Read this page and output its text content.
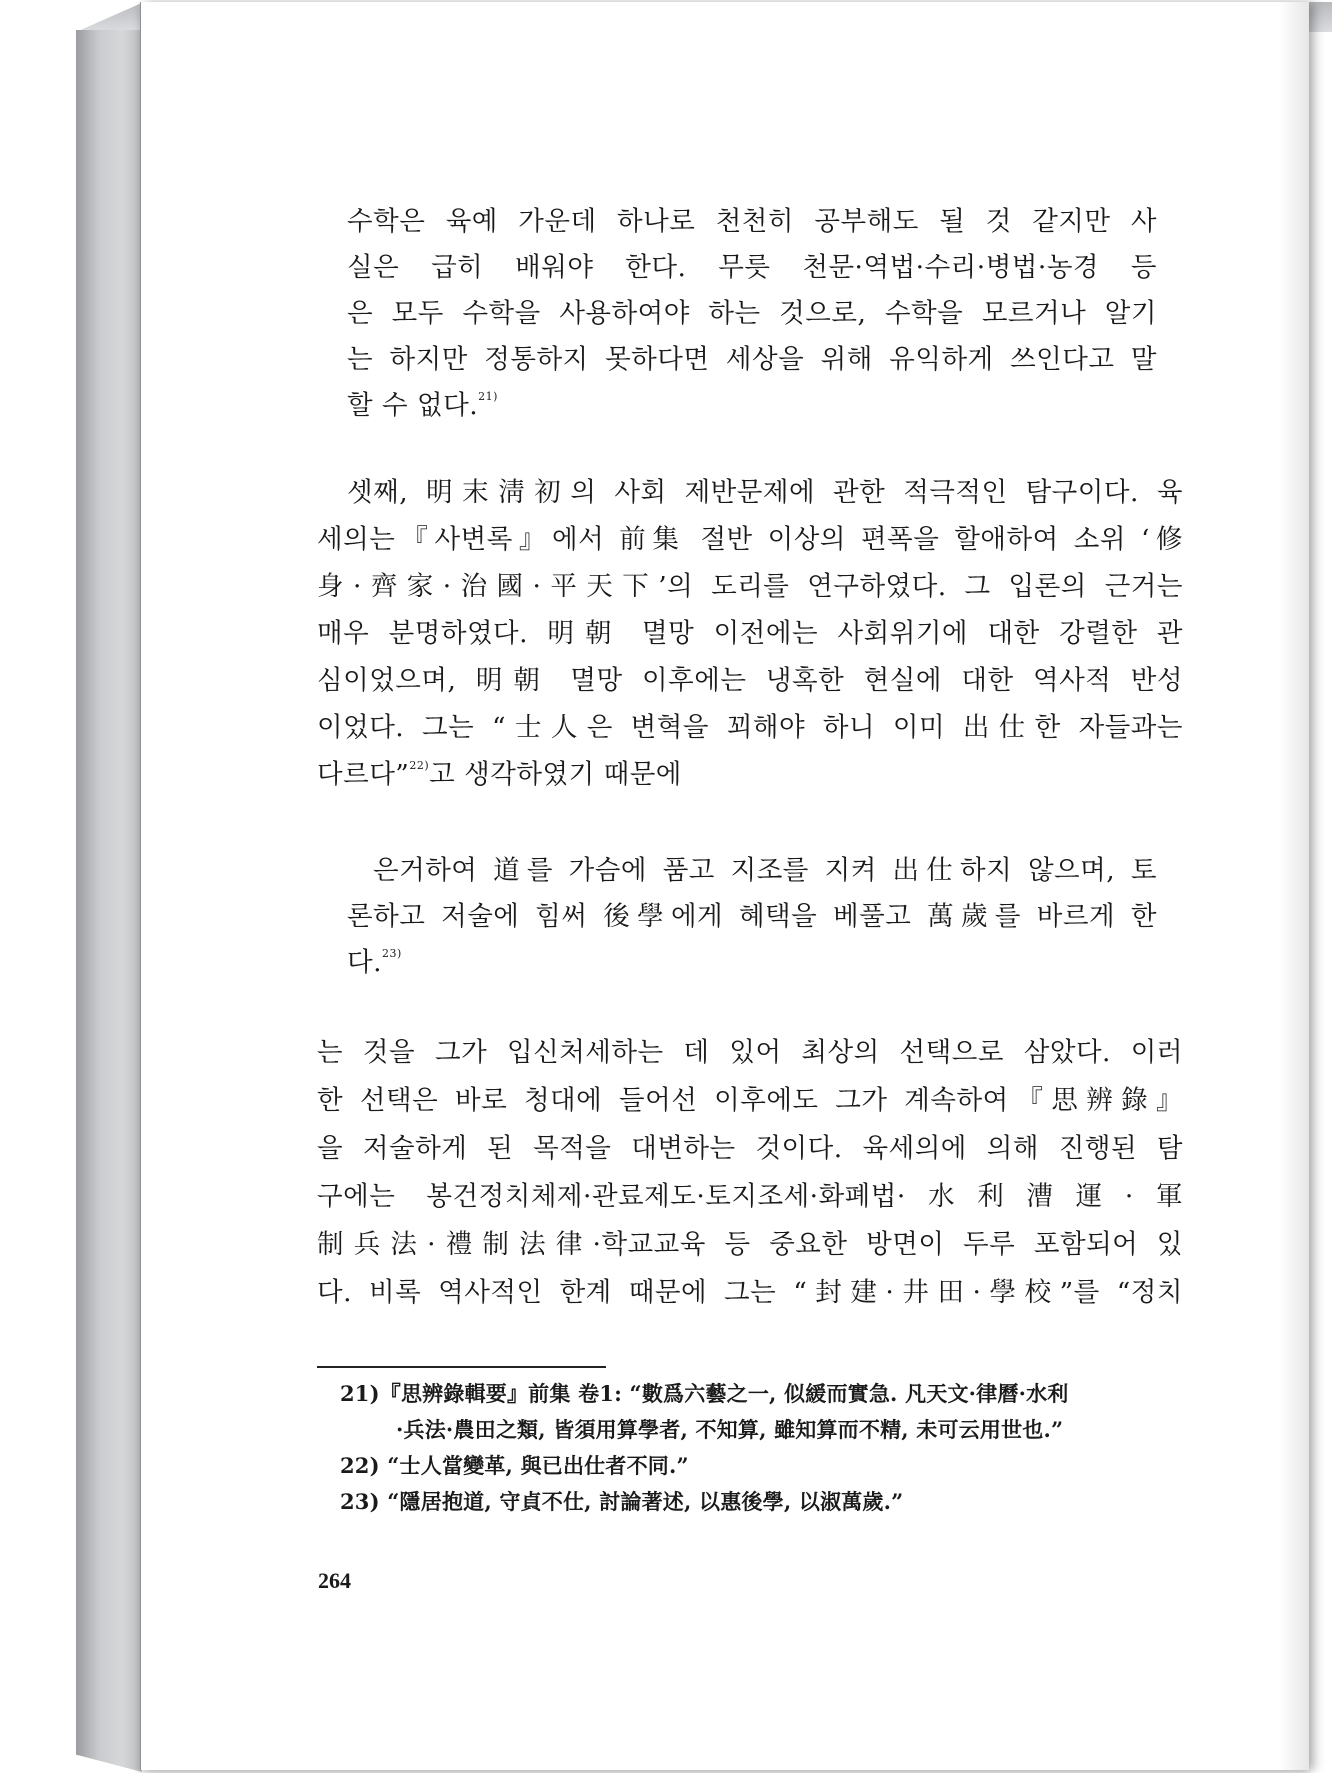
수학은 육예 가운데 하나로 천천히 공부해도 될 것 같지만 사
실은 급히 배워야 한다. 무릇 천문·역법·수리·병법·농경 등
은 모두 수학을 사용하여야 하는 것으로, 수학을 모르거나 알기
는 하지만 정통하지 못하다면 세상을 위해 유익하게 쓰인다고 말
할 수 없다.$^{21)}$
셋째, 明末淸初의 사회 제반문제에 관한 적극적인 탐구이다. 육
세의는『사변록』에서 前集 절반 이상의 편폭을 할애하여 소위 ‘修
身·齊家·治國·平天下’의 도리를 연구하였다. 그 입론의 근거는
매우 분명하였다. 明朝 멸망 이전에는 사회위기에 대한 강렬한 관
심이었으며, 明朝 멸망 이후에는 냉혹한 현실에 대한 역사적 반성
이었다. 그는 “士人은 변혁을 꾀해야 하니 이미 出仕한 자들과는
다르다”$^{22)}$고 생각하였기 때문에
은거하여 道를 가슴에 품고 지조를 지켜 出仕하지 않으며, 토
론하고 저술에 힘써 後學에게 혜택을 베풀고 萬歲를 바르게 한
다.$^{23)}$
는 것을 그가 입신처세하는 데 있어 최상의 선택으로 삼았다. 이러
한 선택은 바로 청대에 들어선 이후에도 그가 계속하여『思辨錄』
을 저술하게 된 목적을 대변하는 것이다. 육세의에 의해 진행된 탐
구에는 봉건정치체제·관료제도·토지조세·화폐법·水利漕運·軍
制兵法·禮制法律·학교교육 등 중요한 방면이 두루 포함되어 있
다. 비록 역사적인 한계 때문에 그는 “封建·井田·學校”를 “정치
21)『思辨錄輯要』前集 卷1: “數爲六藝之一, 似緩而實急. 凡天文·律曆·水利
·兵法·農田之類, 皆須用算學者, 不知算, 雖知算而不精, 未可云用世也.”
22) “士人當變革, 與已出仕者不同.”
23) “隱居抱道, 守貞不仕, 討論著述, 以惠後學, 以淑萬歲.”
264
